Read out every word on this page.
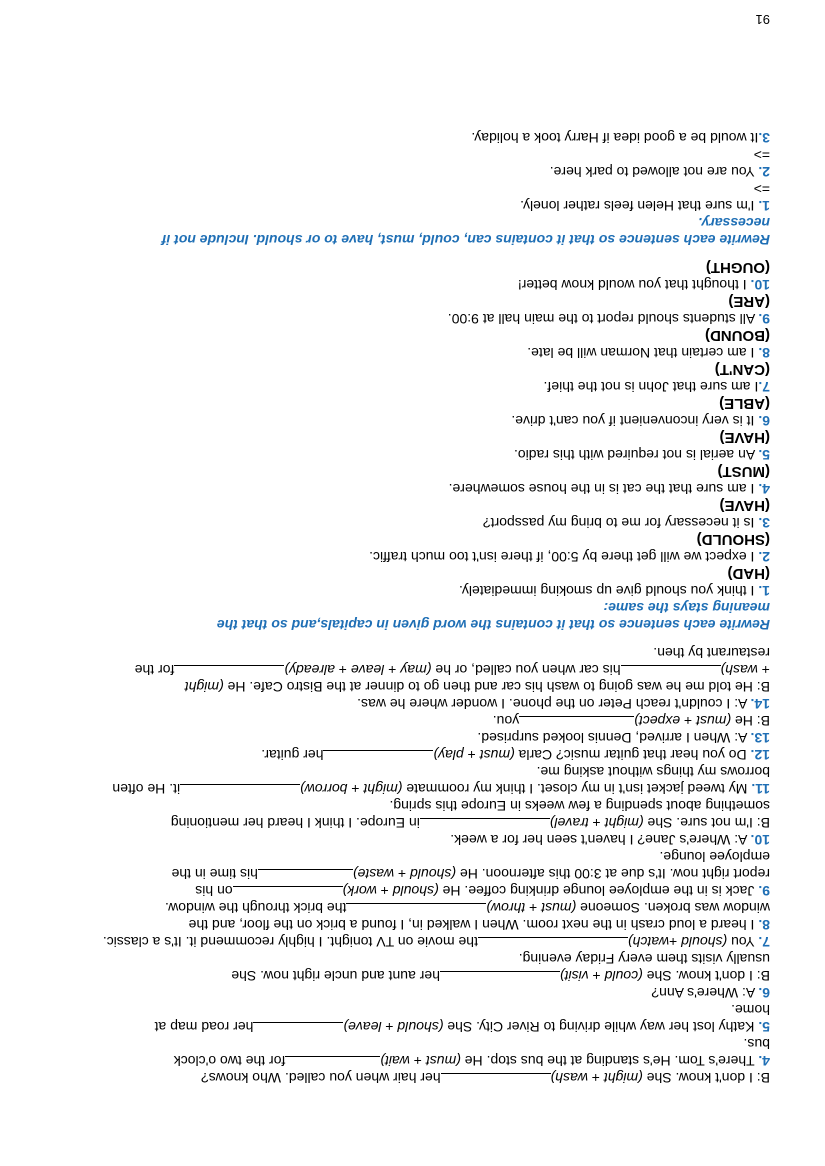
B: I don't know. She (might + wash)her hair when you called. Who knows?

4. There's Tom. He's standing at the bus stop. He (must + wait)for the two o'clock

bus.

5. Kathy lost her way while driving to River City. She (should + leave)her road map at

home.

6. A: Where's Ann?

B: I don't know. She (could + visit)her aunt and uncle right now. She

usually visits them every Friday evening.

7. You (should +watch)the movie on TV tonight. I highly recommend it. It's a classic.

8. I heard a loud crash in the next room. When I walked in, I found a brick on the floor, and the

window was broken. Someone (must + throw)the brick through the window.

9. Jack is in the employee lounge drinking coffee. He (should + work)on his

report right now. It's due at 3:00 this afternoon. He (should + waste)his time in the

employee lounge.

10. A: Where's Jane? I haven't seen her for a week.

B: I'm not sure. She (might + travel)in Europe. I think I heard her mentioning

something about spending a few weeks in Europe this spring.

11. My tweed jacket isn't in my closet. I think my roommate (might + borrow)it. He often

borrows my things without asking me.

12. Do you hear that guitar music? Carla (must + play)her guitar.

13. A: When I arrived, Dennis looked surprised.

B: He (must + expect)you.

14. A: I couldn't reach Peter on the phone. I wonder where he was.

B: He told me he was going to wash his car and then go to dinner at the Bistro Cafe. He (might

+ wash)his car when you called, or he (may + leave + already)for the

restaurant by then.

Rewrite each sentence so that it contains the word given in capitals,and so that the

meaning stays the same:

1. I think you should give up smoking immediately.

(HAD)

2. I expect we will get there by 5:00, if there isn't too much traffic.

(SHOULD)

3. Is it necessary for me to bring my passport?

(HAVE)

4. I am sure that the cat is in the house somewhere.

(MUST)

5. An aerial is not required with this radio.

(HAVE)

6. It is very inconvenient if you can't drive.

(ABLE)

7.I am sure that John is not the thief.

(CAN'T)

8. I am certain that Norman will be late.

(BOUND)

9. All students should report to the main hall at 9:00.

(ARE)

10. I thought that you would know better!

(OUGHT)

Rewrite each sentence so that it contains can, could, must, have to or should. Include not if

necessary.

1. I'm sure that Helen feels rather lonely.

=>

2. You are not allowed to park here.

=>

3.It would be a good idea if Harry took a holiday.

91
